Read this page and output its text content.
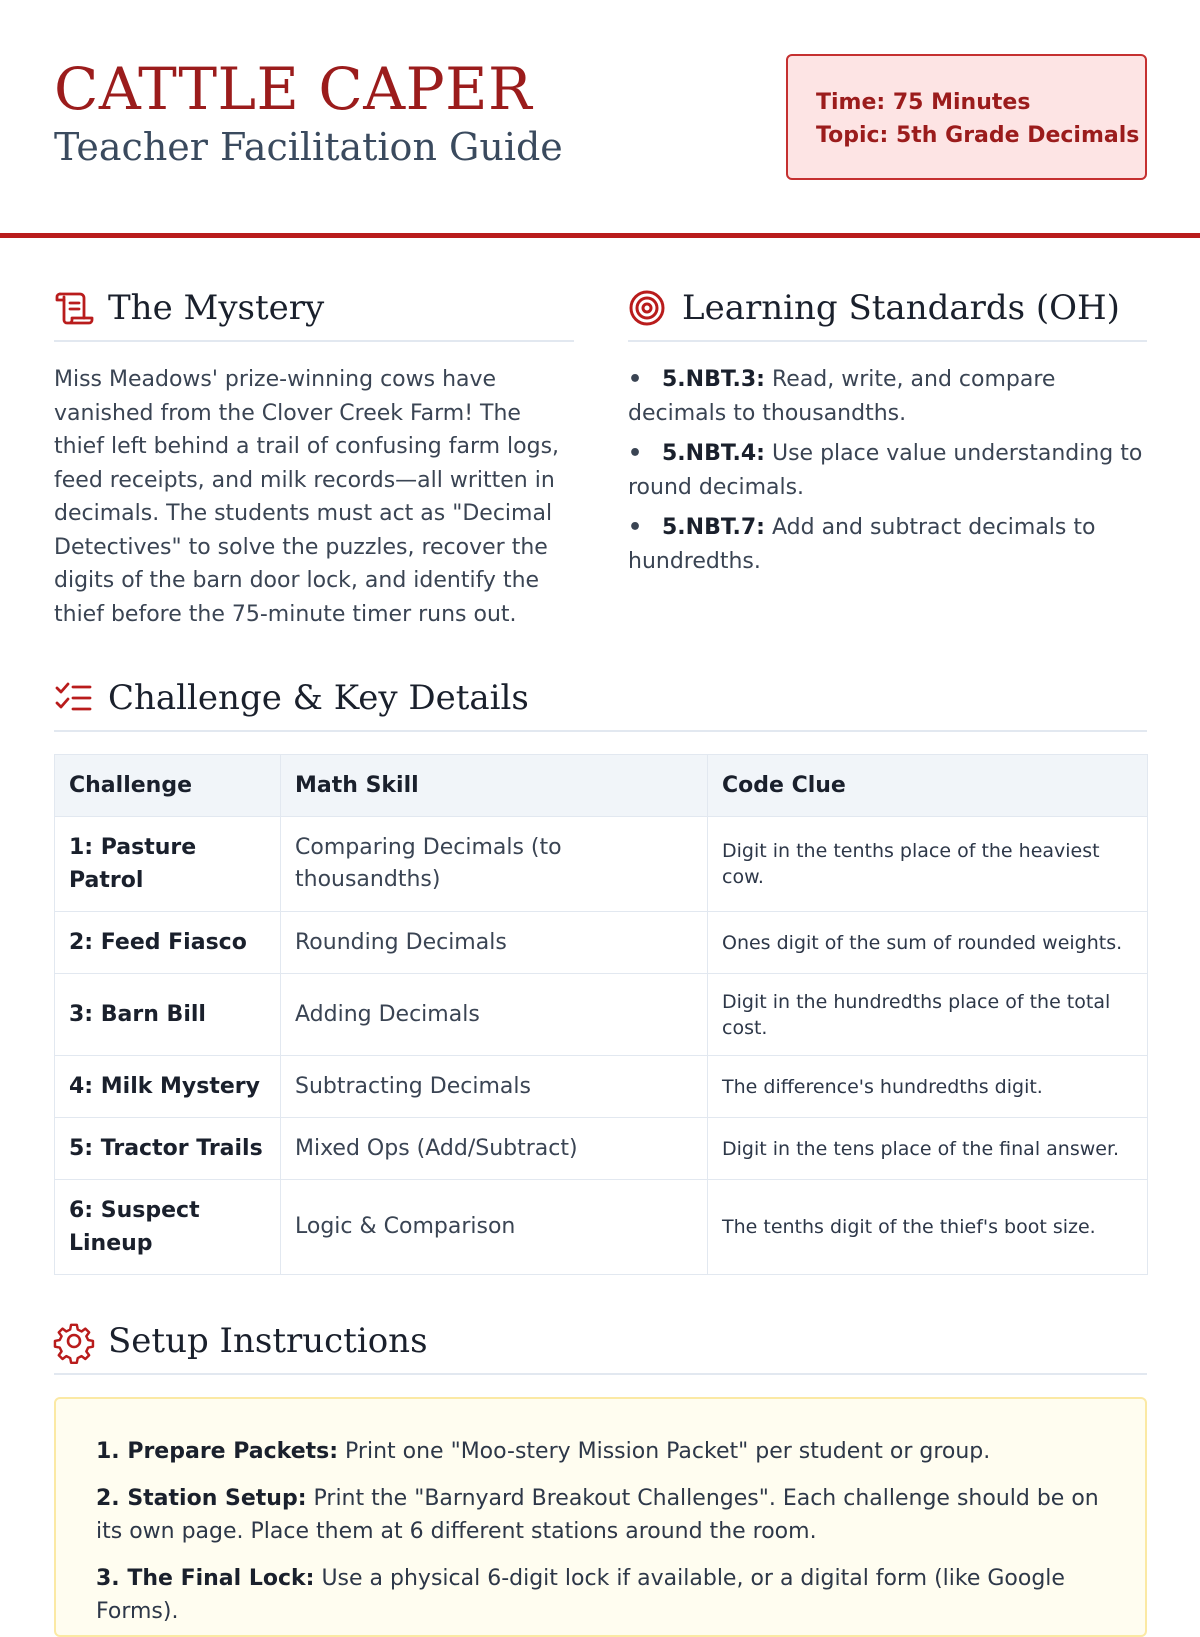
CATTLE CAPER
Teacher Facilitation Guide
Time: 75 Minutes
Topic: 5th Grade Decimals
The Mystery

Miss Meadows' prize-winning cows have vanished from the Clover Creek Farm! The thief left behind a trail of confusing farm logs, feed receipts, and milk records—all written in decimals. The students must act as "Decimal Detectives" to solve the puzzles, recover the digits of the barn door lock, and identify the thief before the 75-minute timer runs out.

Learning Standards (OH)
• 5.NBT.3: Read, write, and compare decimals to thousandths.
• 5.NBT.4: Use place value understanding to round decimals.
• 5.NBT.7: Add and subtract decimals to hundredths.
Challenge & Key Details
Challenge	Math Skill	Code Clue
1: Pasture Patrol	Comparing Decimals (to thousandths)	Digit in the tenths place of the heaviest cow.
2: Feed Fiasco	Rounding Decimals	Ones digit of the sum of rounded weights.
3: Barn Bill	Adding Decimals	Digit in the hundredths place of the total cost.
4: Milk Mystery	Subtracting Decimals	The difference's hundredths digit.
5: Tractor Trails	Mixed Ops (Add/Subtract)	Digit in the tens place of the final answer.
6: Suspect Lineup	Logic & Comparison	The tenths digit of the thief's boot size.
Setup Instructions

1. Prepare Packets: Print one "Moo-stery Mission Packet" per student or group.

2. Station Setup: Print the "Barnyard Breakout Challenges". Each challenge should be on its own page. Place them at 6 different stations around the room.

3. The Final Lock: Use a physical 6-digit lock if available, or a digital form (like Google Forms).
